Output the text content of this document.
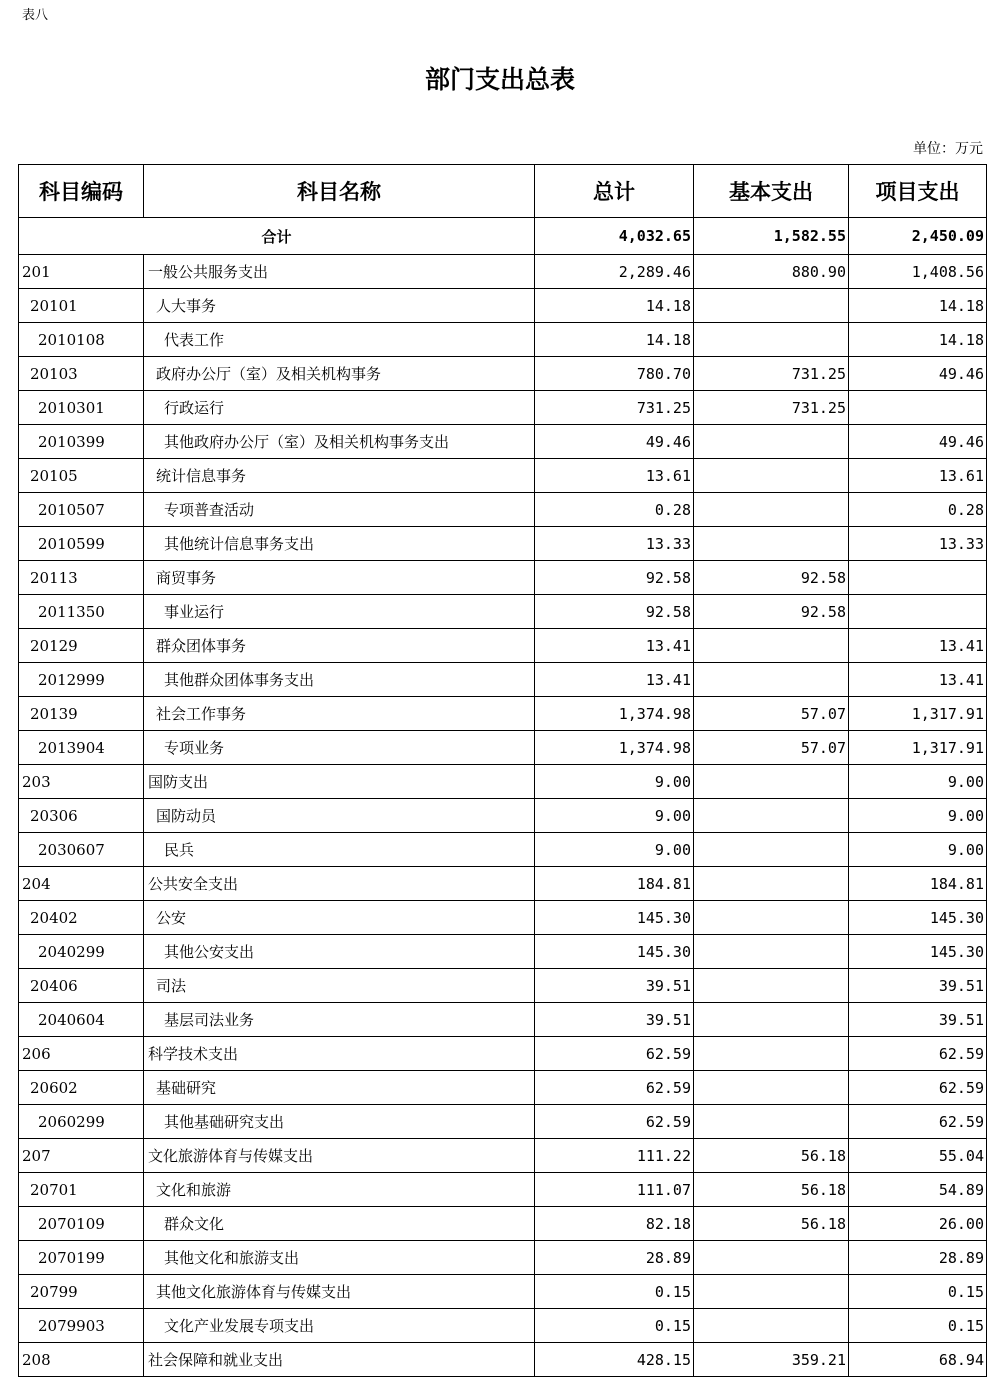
表八
部门支出总表
单位：万元
科目编码	科目名称	总计	基本支出	项目支出
合计		4,032.65	1,582.55	2,450.09
201	一般公共服务支出	2,289.46	880.90	1,408.56
20101	人大事务	14.18		14.18
2010108	代表工作	14.18		14.18
20103	政府办公厅（室）及相关机构事务	780.70	731.25	49.46
2010301	行政运行	731.25	731.25	
2010399	其他政府办公厅（室）及相关机构事务支出	49.46		49.46
20105	统计信息事务	13.61		13.61
2010507	专项普查活动	0.28		0.28
2010599	其他统计信息事务支出	13.33		13.33
20113	商贸事务	92.58	92.58	
2011350	事业运行	92.58	92.58	
20129	群众团体事务	13.41		13.41
2012999	其他群众团体事务支出	13.41		13.41
20139	社会工作事务	1,374.98	57.07	1,317.91
2013904	专项业务	1,374.98	57.07	1,317.91
203	国防支出	9.00		9.00
20306	国防动员	9.00		9.00
2030607	民兵	9.00		9.00
204	公共安全支出	184.81		184.81
20402	公安	145.30		145.30
2040299	其他公安支出	145.30		145.30
20406	司法	39.51		39.51
2040604	基层司法业务	39.51		39.51
206	科学技术支出	62.59		62.59
20602	基础研究	62.59		62.59
2060299	其他基础研究支出	62.59		62.59
207	文化旅游体育与传媒支出	111.22	56.18	55.04
20701	文化和旅游	111.07	56.18	54.89
2070109	群众文化	82.18	56.18	26.00
2070199	其他文化和旅游支出	28.89		28.89
20799	其他文化旅游体育与传媒支出	0.15		0.15
2079903	文化产业发展专项支出	0.15		0.15
208	社会保障和就业支出	428.15	359.21	68.94
